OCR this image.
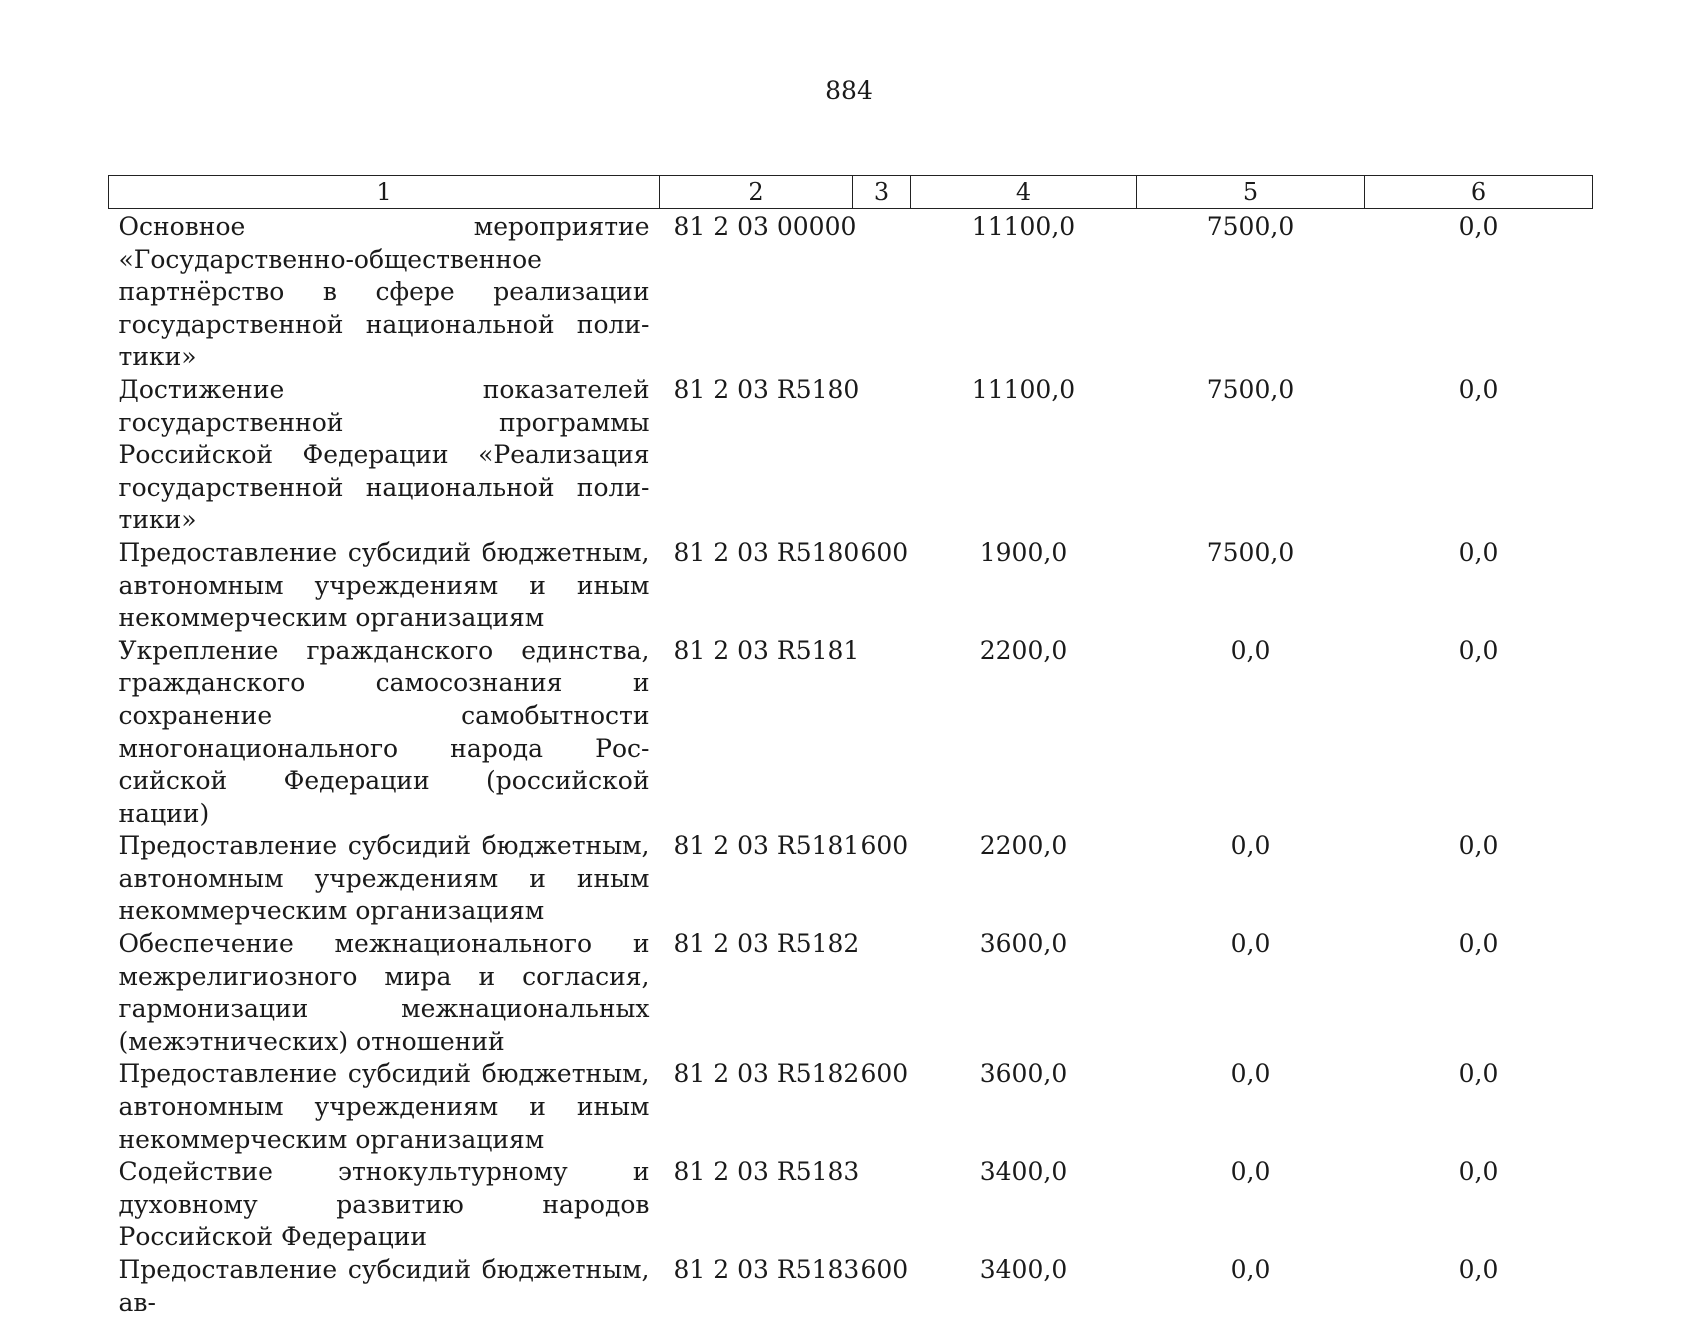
884
1	2	3	4	5	6
Основное мероприятие «Государственно-общественное партнёрство в сфере реализации государственной национальной политики»	81 2 03 00000		11100,0	7500,0	0,0
Достижение показателей государственной программы Российской Федерации «Реализация государственной национальной политики»	81 2 03 R5180		11100,0	7500,0	0,0
Предоставление субсидий бюджетным, автономным учреждениям и иным некоммерческим организациям	81 2 03 R5180	600	1900,0	7500,0	0,0
Укрепление гражданского единства, гражданского самосознания и сохранение самобытности многонационального народа Российской Федерации (российской нации)	81 2 03 R5181		2200,0	0,0	0,0
Предоставление субсидий бюджетным, автономным учреждениям и иным некоммерческим организациям	81 2 03 R5181	600	2200,0	0,0	0,0
Обеспечение межнационального и межрелигиозного мира и согласия, гармонизации межнациональных (межэтнических) отношений	81 2 03 R5182		3600,0	0,0	0,0
Предоставление субсидий бюджетным, автономным учреждениям и иным некоммерческим организациям	81 2 03 R5182	600	3600,0	0,0	0,0
Содействие этнокультурному и духовному развитию народов Российской Федерации	81 2 03 R5183		3400,0	0,0	0,0
Предоставление субсидий бюджетным, ав-	81 2 03 R5183	600	3400,0	0,0	0,0
